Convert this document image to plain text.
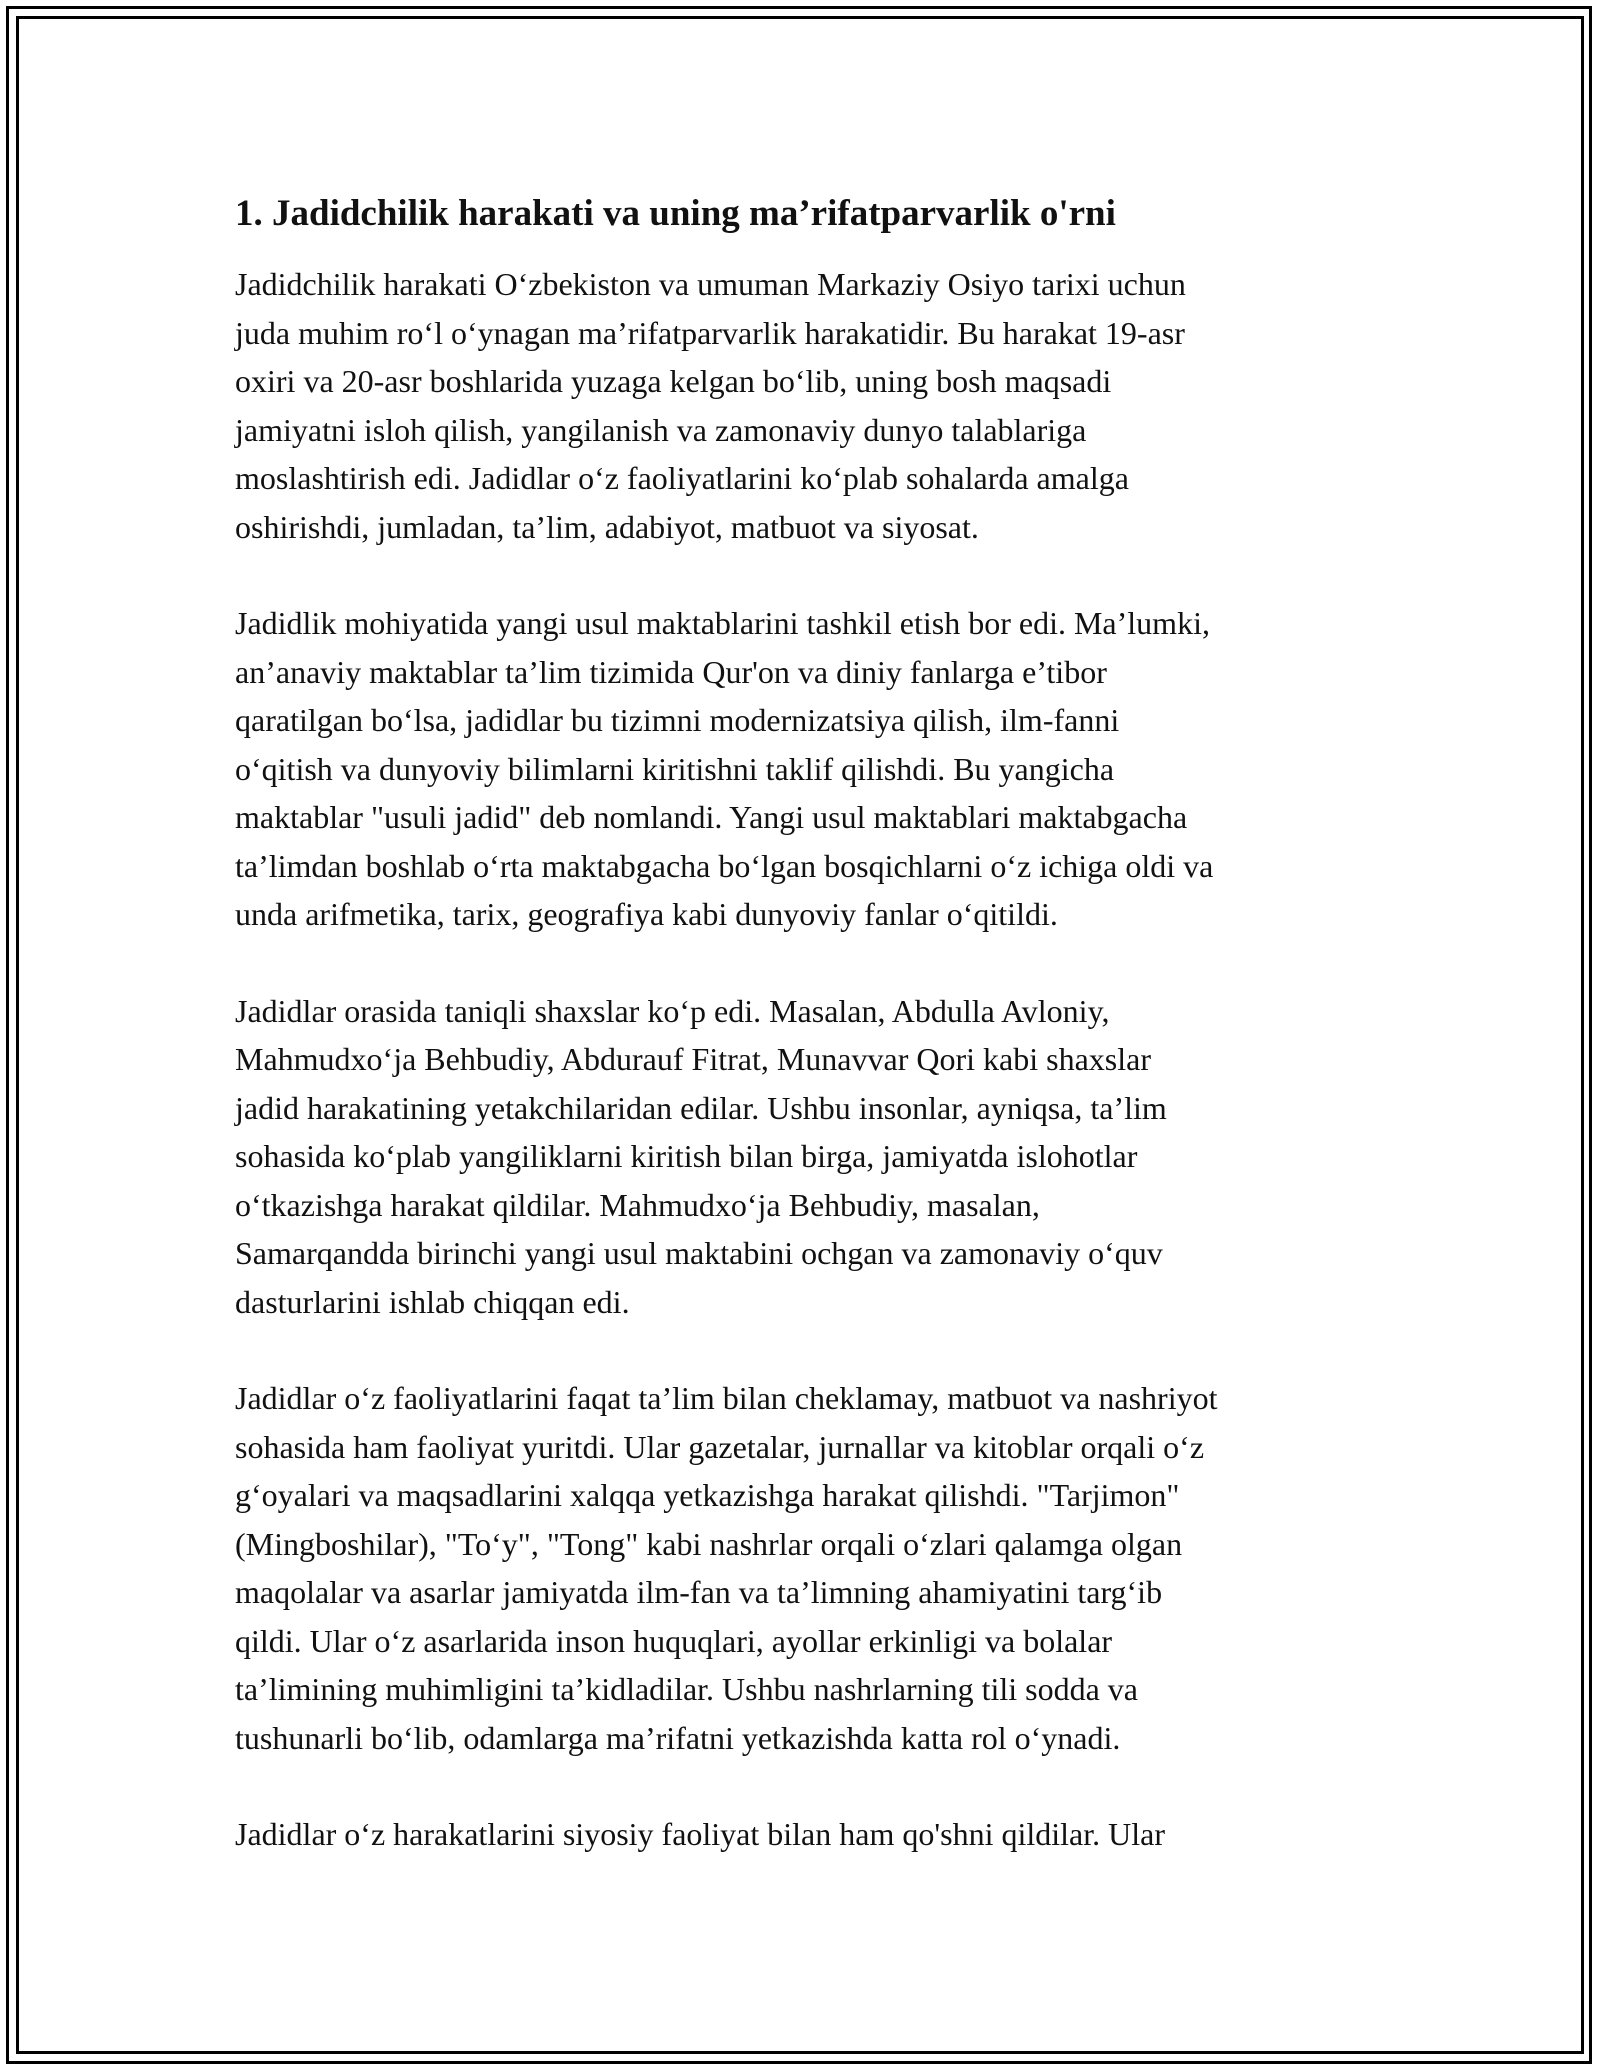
1. Jadidchilik harakati va uning ma’rifatparvarlik o'rni

Jadidchilik harakati O‘zbekiston va umuman Markaziy Osiyo tarixi uchun
juda muhim ro‘l o‘ynagan ma’rifatparvarlik harakatidir. Bu harakat 19-asr
oxiri va 20-asr boshlarida yuzaga kelgan bo‘lib, uning bosh maqsadi
jamiyatni isloh qilish, yangilanish va zamonaviy dunyo talablariga
moslashtirish edi. Jadidlar o‘z faoliyatlarini ko‘plab sohalarda amalga
oshirishdi, jumladan, ta’lim, adabiyot, matbuot va siyosat.

Jadidlik mohiyatida yangi usul maktablarini tashkil etish bor edi. Ma’lumki,
an’anaviy maktablar ta’lim tizimida Qur'on va diniy fanlarga e’tibor
qaratilgan bo‘lsa, jadidlar bu tizimni modernizatsiya qilish, ilm-fanni
o‘qitish va dunyoviy bilimlarni kiritishni taklif qilishdi. Bu yangicha
maktablar "usuli jadid" deb nomlandi. Yangi usul maktablari maktabgacha
ta’limdan boshlab o‘rta maktabgacha bo‘lgan bosqichlarni o‘z ichiga oldi va
unda arifmetika, tarix, geografiya kabi dunyoviy fanlar o‘qitildi.

Jadidlar orasida taniqli shaxslar ko‘p edi. Masalan, Abdulla Avloniy,
Mahmudxo‘ja Behbudiy, Abdurauf Fitrat, Munavvar Qori kabi shaxslar
jadid harakatining yetakchilaridan edilar. Ushbu insonlar, ayniqsa, ta’lim
sohasida ko‘plab yangiliklarni kiritish bilan birga, jamiyatda islohotlar
o‘tkazishga harakat qildilar. Mahmudxo‘ja Behbudiy, masalan,
Samarqandda birinchi yangi usul maktabini ochgan va zamonaviy o‘quv
dasturlarini ishlab chiqqan edi.

Jadidlar o‘z faoliyatlarini faqat ta’lim bilan cheklamay, matbuot va nashriyot
sohasida ham faoliyat yuritdi. Ular gazetalar, jurnallar va kitoblar orqali o‘z
g‘oyalari va maqsadlarini xalqqa yetkazishga harakat qilishdi. "Tarjimon"
(Mingboshilar), "To‘y", "Tong" kabi nashrlar orqali o‘zlari qalamga olgan
maqolalar va asarlar jamiyatda ilm-fan va ta’limning ahamiyatini targ‘ib
qildi. Ular o‘z asarlarida inson huquqlari, ayollar erkinligi va bolalar
ta’limining muhimligini ta’kidladilar. Ushbu nashrlarning tili sodda va
tushunarli bo‘lib, odamlarga ma’rifatni yetkazishda katta rol o‘ynadi.

Jadidlar o‘z harakatlarini siyosiy faoliyat bilan ham qo'shni qildilar. Ular
